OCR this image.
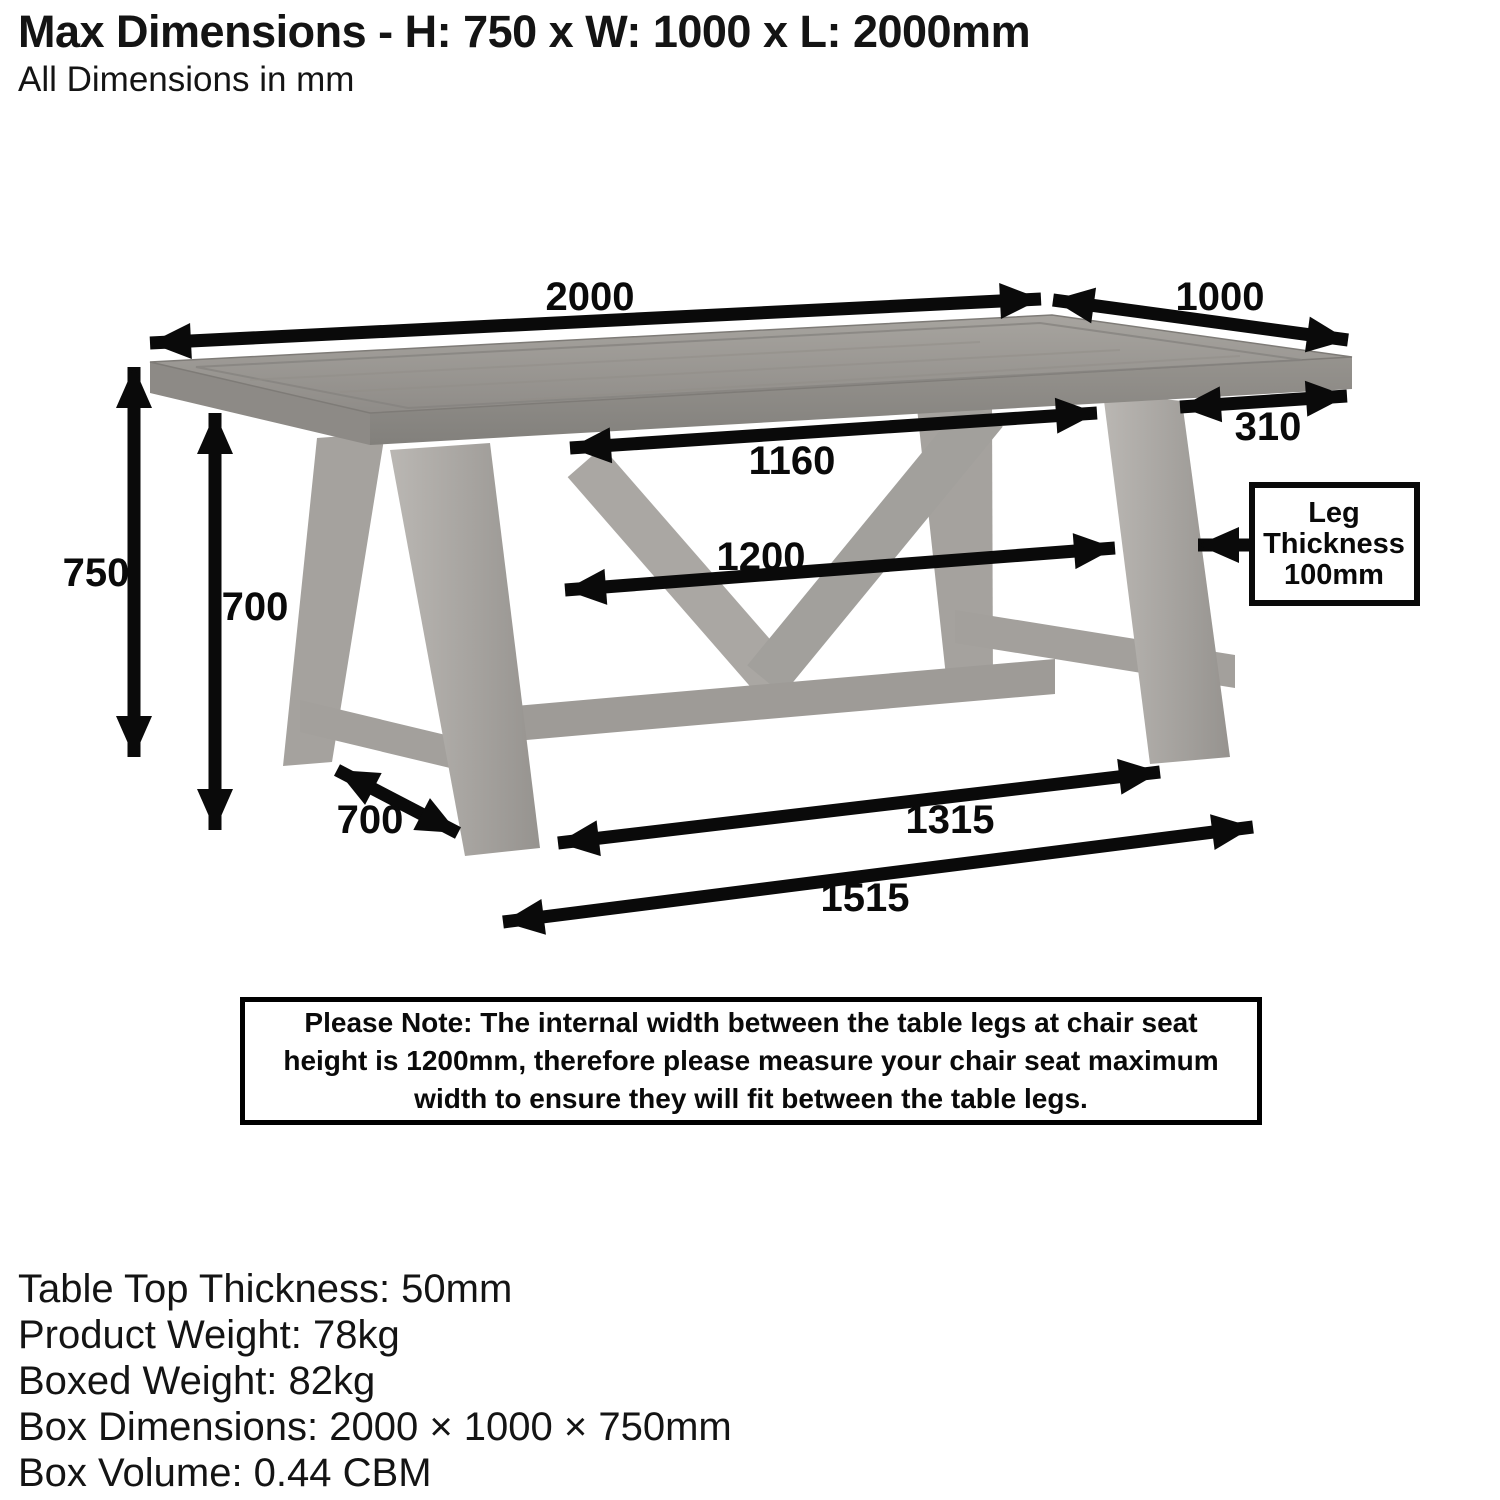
Max Dimensions - H: 750 x W: 1000 x L: 2000mm
All Dimensions in mm
2000	1000
310
1160
1200
750
700
700	1315
1515
Leg
Thickness
100mm
Please Note: The internal width between the table legs at chair seat
height is 1200mm, therefore please measure your chair seat maximum
width to ensure they will fit between the table legs.
Table Top Thickness: 50mm
Product Weight: 78kg
Boxed Weight: 82kg
Box Dimensions: 2000 × 1000 × 750mm
Box Volume: 0.44 CBM
